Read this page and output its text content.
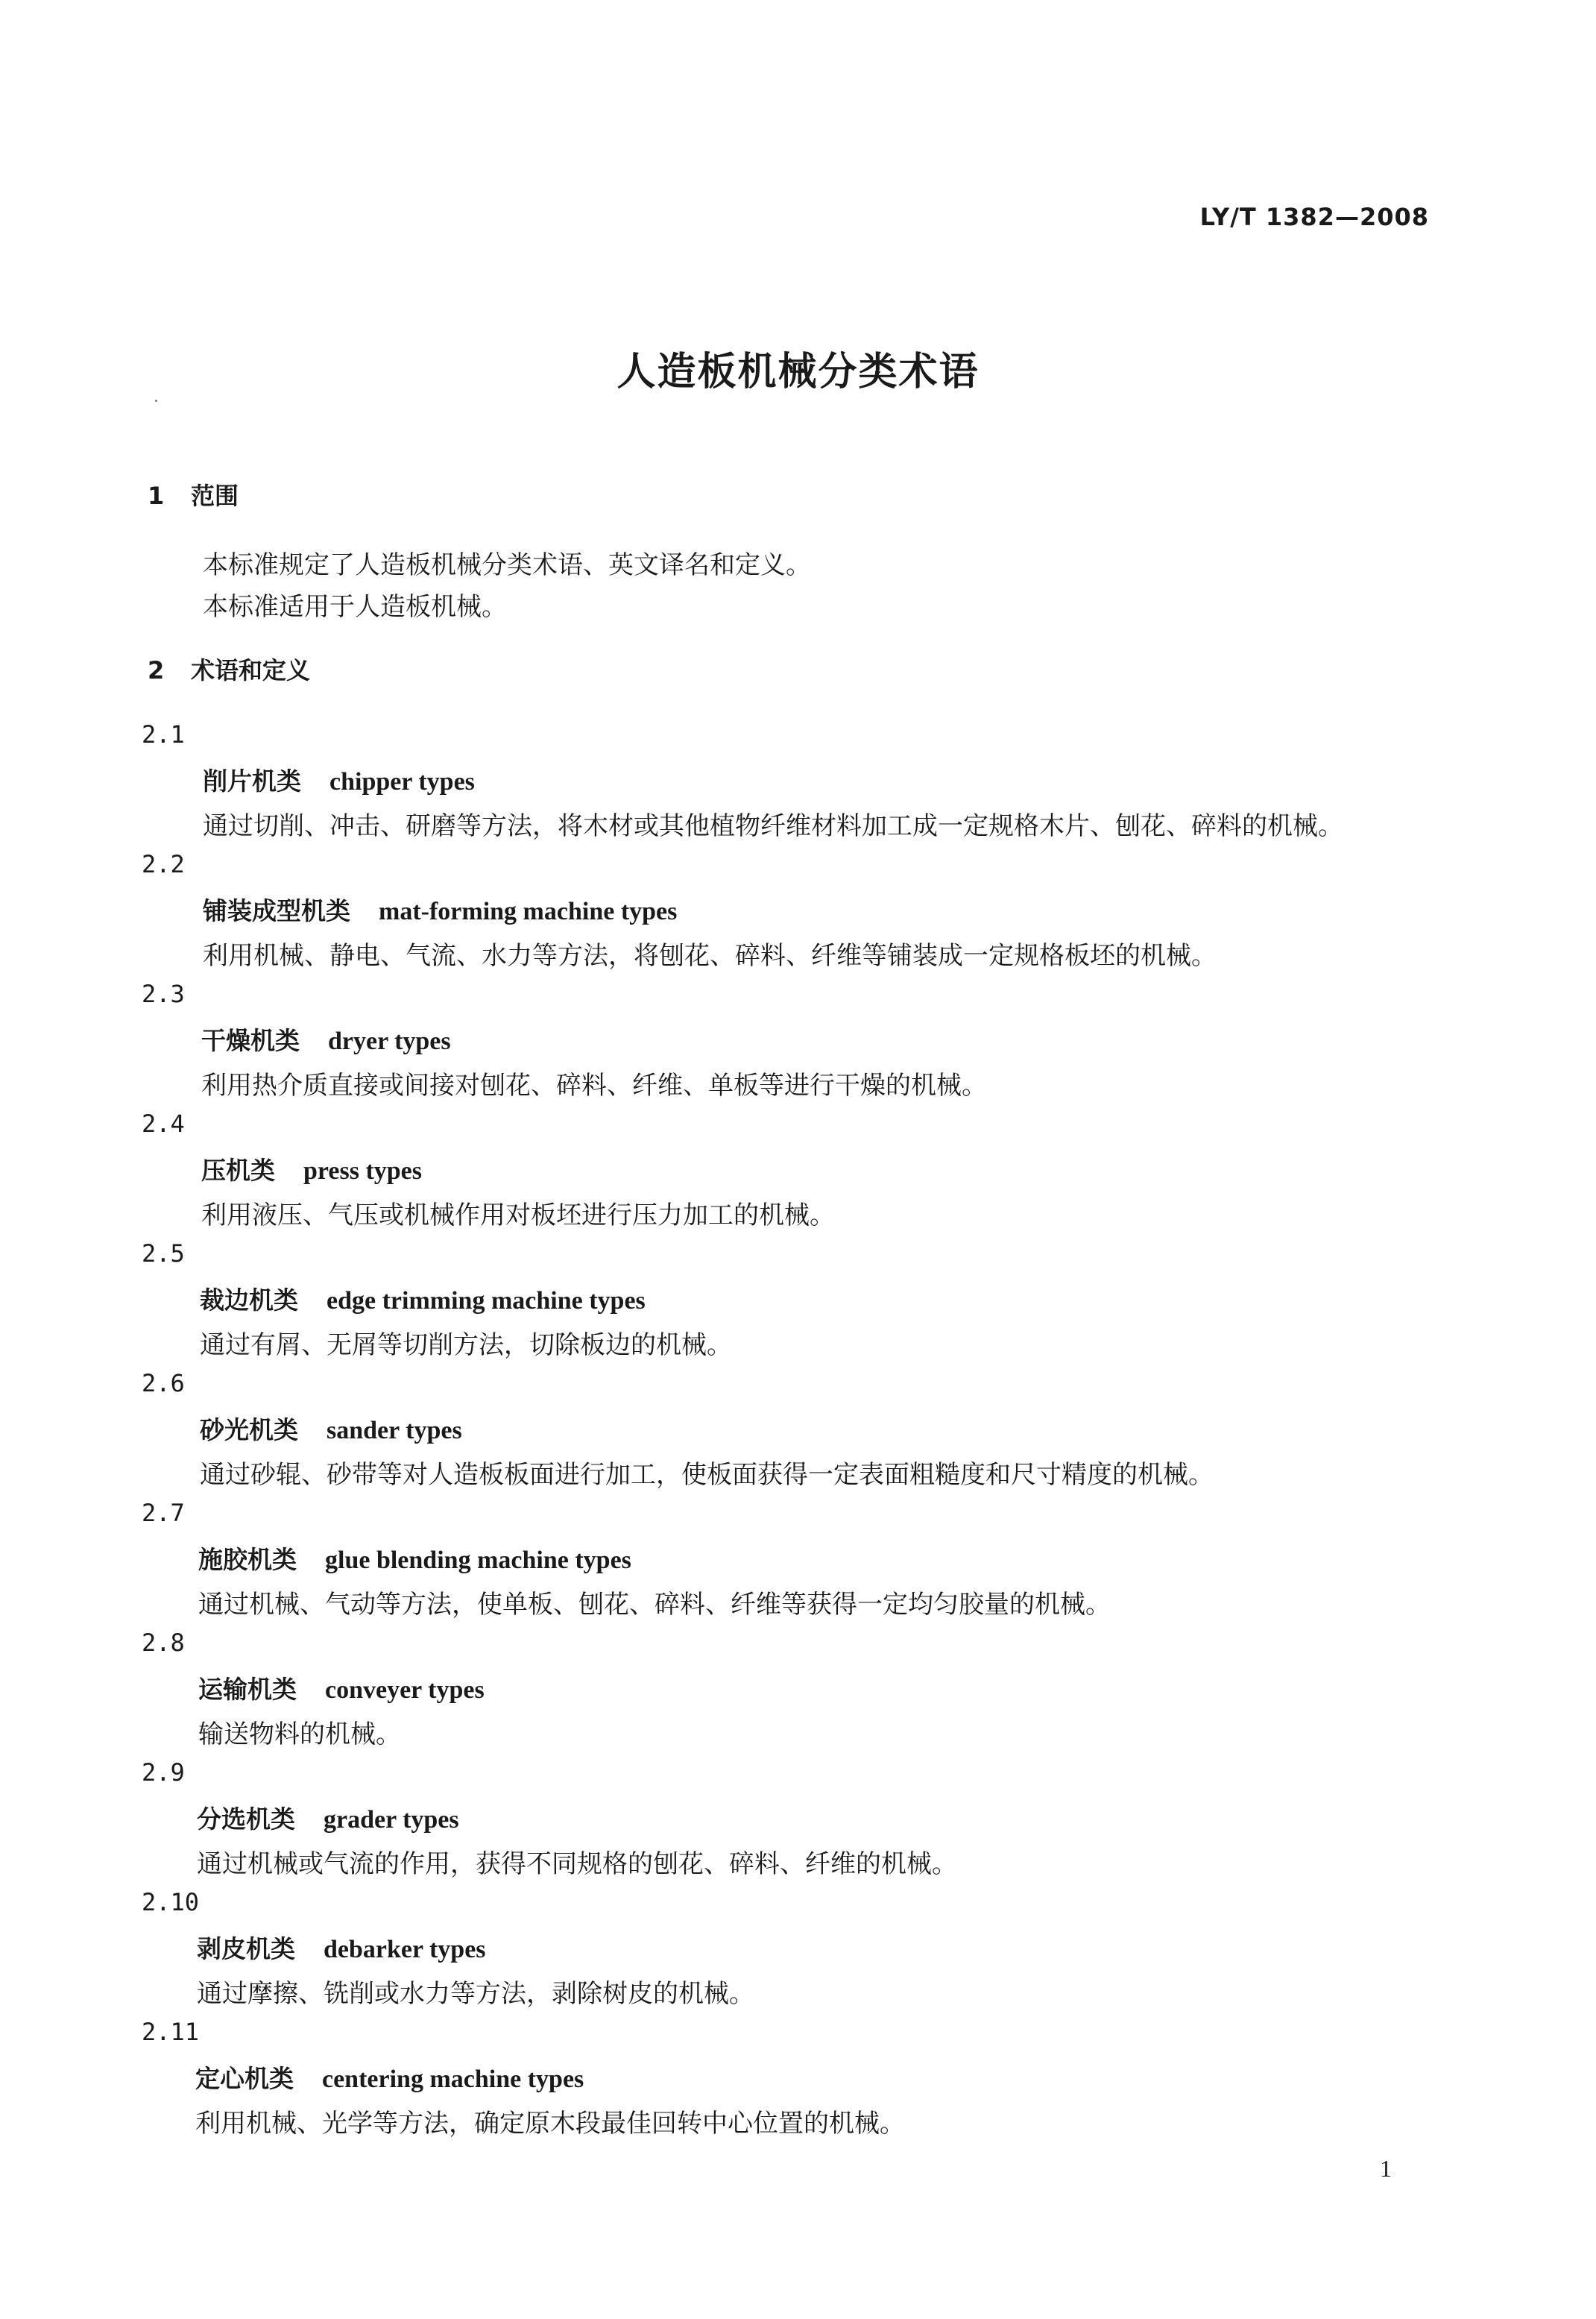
LY/T 1382—2008
人造板机械分类术语
1 范围
本标准规定了人造板机械分类术语、英文译名和定义。
本标准适用于人造板机械。
2 术语和定义
2.1
削片机类 chipper types
通过切削、冲击、研磨等方法，将木材或其他植物纤维材料加工成一定规格木片、刨花、碎料的机械。
2.2
铺装成型机类 mat-forming machine types
利用机械、静电、气流、水力等方法，将刨花、碎料、纤维等铺装成一定规格板坯的机械。
2.3
干燥机类 dryer types
利用热介质直接或间接对刨花、碎料、纤维、单板等进行干燥的机械。
2.4
压机类 press types
利用液压、气压或机械作用对板坯进行压力加工的机械。
2.5
裁边机类 edge trimming machine types
通过有屑、无屑等切削方法，切除板边的机械。
2.6
砂光机类 sander types
通过砂辊、砂带等对人造板板面进行加工，使板面获得一定表面粗糙度和尺寸精度的机械。
2.7
施胶机类 glue blending machine types
通过机械、气动等方法，使单板、刨花、碎料、纤维等获得一定均匀胶量的机械。
2.8
运输机类 conveyer types
输送物料的机械。
2.9
分选机类 grader types
通过机械或气流的作用，获得不同规格的刨花、碎料、纤维的机械。
2.10
剥皮机类 debarker types
通过摩擦、铣削或水力等方法，剥除树皮的机械。
2.11
定心机类 centering machine types
利用机械、光学等方法，确定原木段最佳回转中心位置的机械。
1
